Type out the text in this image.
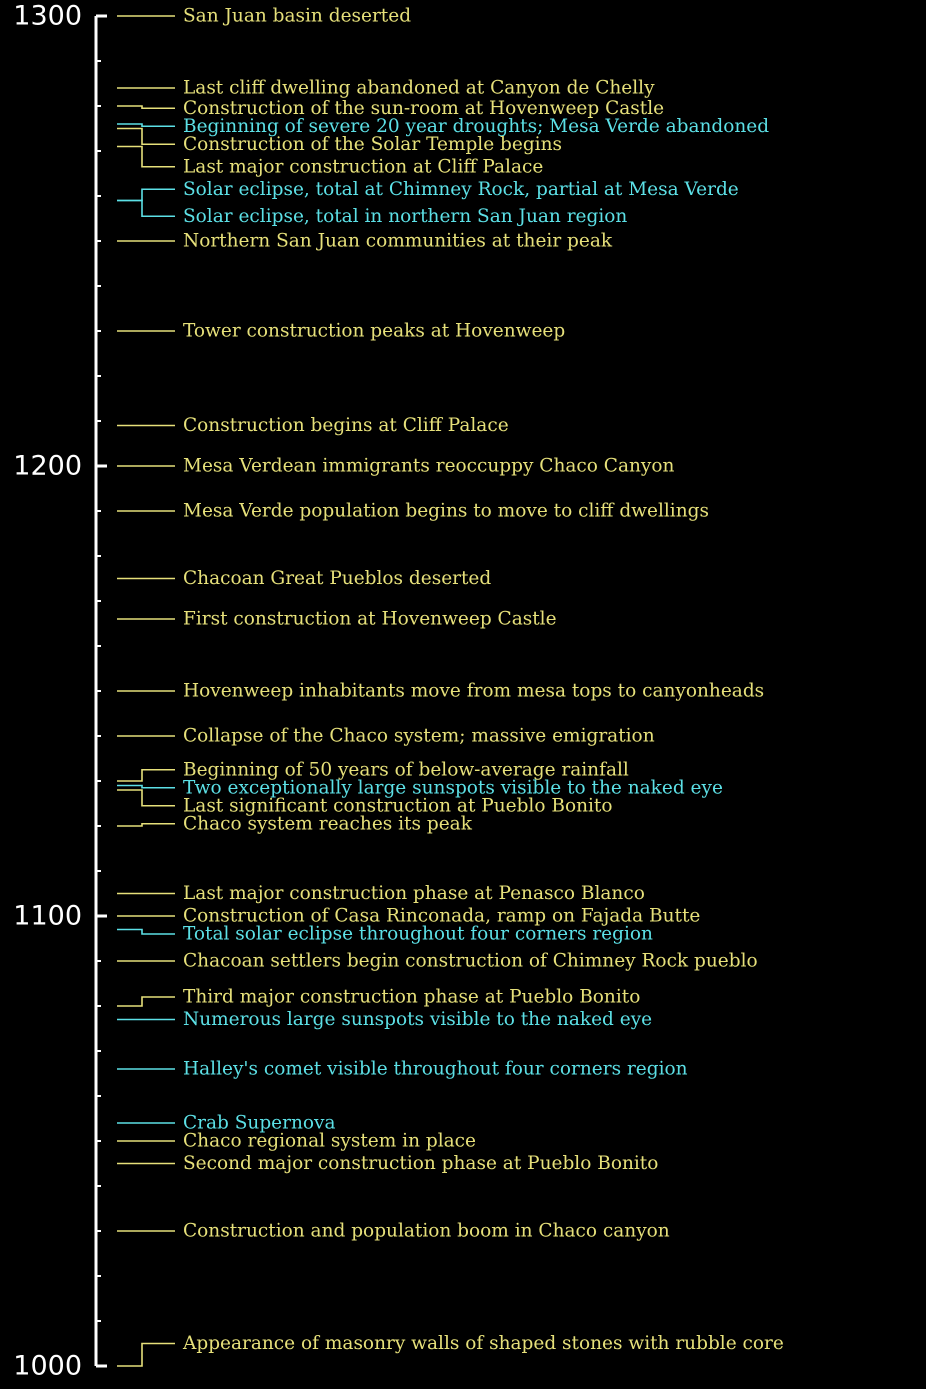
1000
1100
1200
1300	San Juan basin deserted
Last cliff dwelling abandoned at Canyon de Chelly
Construction of the sun-room at Hovenweep Castle
Beginning of severe 20 year droughts; Mesa Verde abandoned
Construction of the Solar Temple begins
Last major construction at Cliff Palace
Solar eclipse, total at Chimney Rock, partial at Mesa Verde
Solar eclipse, total in northern San Juan region
Northern San Juan communities at their peak
Tower construction peaks at Hovenweep
Construction begins at Cliff Palace
Mesa Verdean immigrants reoccuppy Chaco Canyon
Mesa Verde population begins to move to cliff dwellings
Chacoan Great Pueblos deserted
First construction at Hovenweep Castle
Hovenweep inhabitants move from mesa tops to canyonheads
Collapse of the Chaco system; massive emigration
Beginning of 50 years of below-average rainfall
Two exceptionally large sunspots visible to the naked eye
Last significant construction at Pueblo Bonito
Chaco system reaches its peak
Last major construction phase at Penasco Blanco
Construction of Casa Rinconada, ramp on Fajada Butte
Total solar eclipse throughout four corners region
Chacoan settlers begin construction of Chimney Rock pueblo
Third major construction phase at Pueblo Bonito
Numerous large sunspots visible to the naked eye
Halley's comet visible throughout four corners region
Crab Supernova
Chaco regional system in place
Second major construction phase at Pueblo Bonito
Construction and population boom in Chaco canyon
Appearance of masonry walls of shaped stones with rubble core
